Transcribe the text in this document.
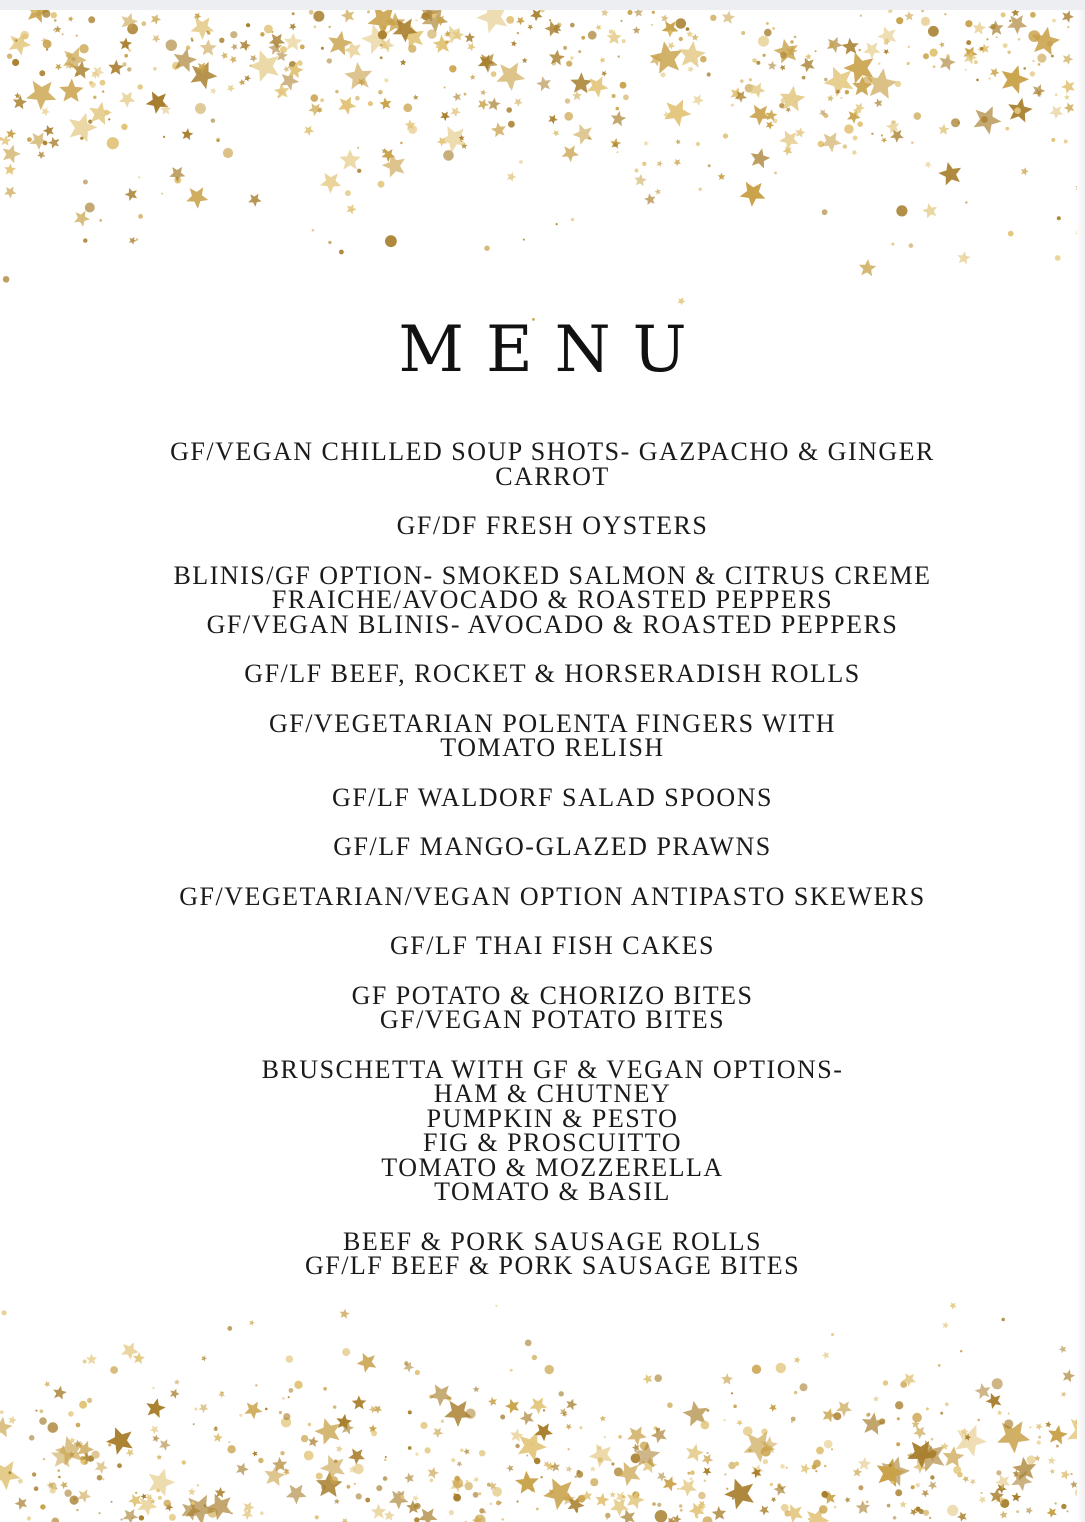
MENU
GF/VEGAN CHILLED SOUP SHOTS- GAZPACHO & GINGER
CARROT
GF/DF FRESH OYSTERS
BLINIS/GF OPTION- SMOKED SALMON & CITRUS CREME
FRAICHE/AVOCADO & ROASTED PEPPERS
GF/VEGAN BLINIS- AVOCADO & ROASTED PEPPERS
GF/LF BEEF, ROCKET & HORSERADISH ROLLS
GF/VEGETARIAN POLENTA FINGERS WITH
TOMATO RELISH
GF/LF WALDORF SALAD SPOONS
GF/LF MANGO-GLAZED PRAWNS
GF/VEGETARIAN/VEGAN OPTION ANTIPASTO SKEWERS
GF/LF THAI FISH CAKES
GF POTATO & CHORIZO BITES
GF/VEGAN POTATO BITES
BRUSCHETTA WITH GF & VEGAN OPTIONS-
HAM & CHUTNEY
PUMPKIN & PESTO
FIG & PROSCUITTO
TOMATO & MOZZERELLA
TOMATO & BASIL
BEEF & PORK SAUSAGE ROLLS
GF/LF BEEF & PORK SAUSAGE BITES
